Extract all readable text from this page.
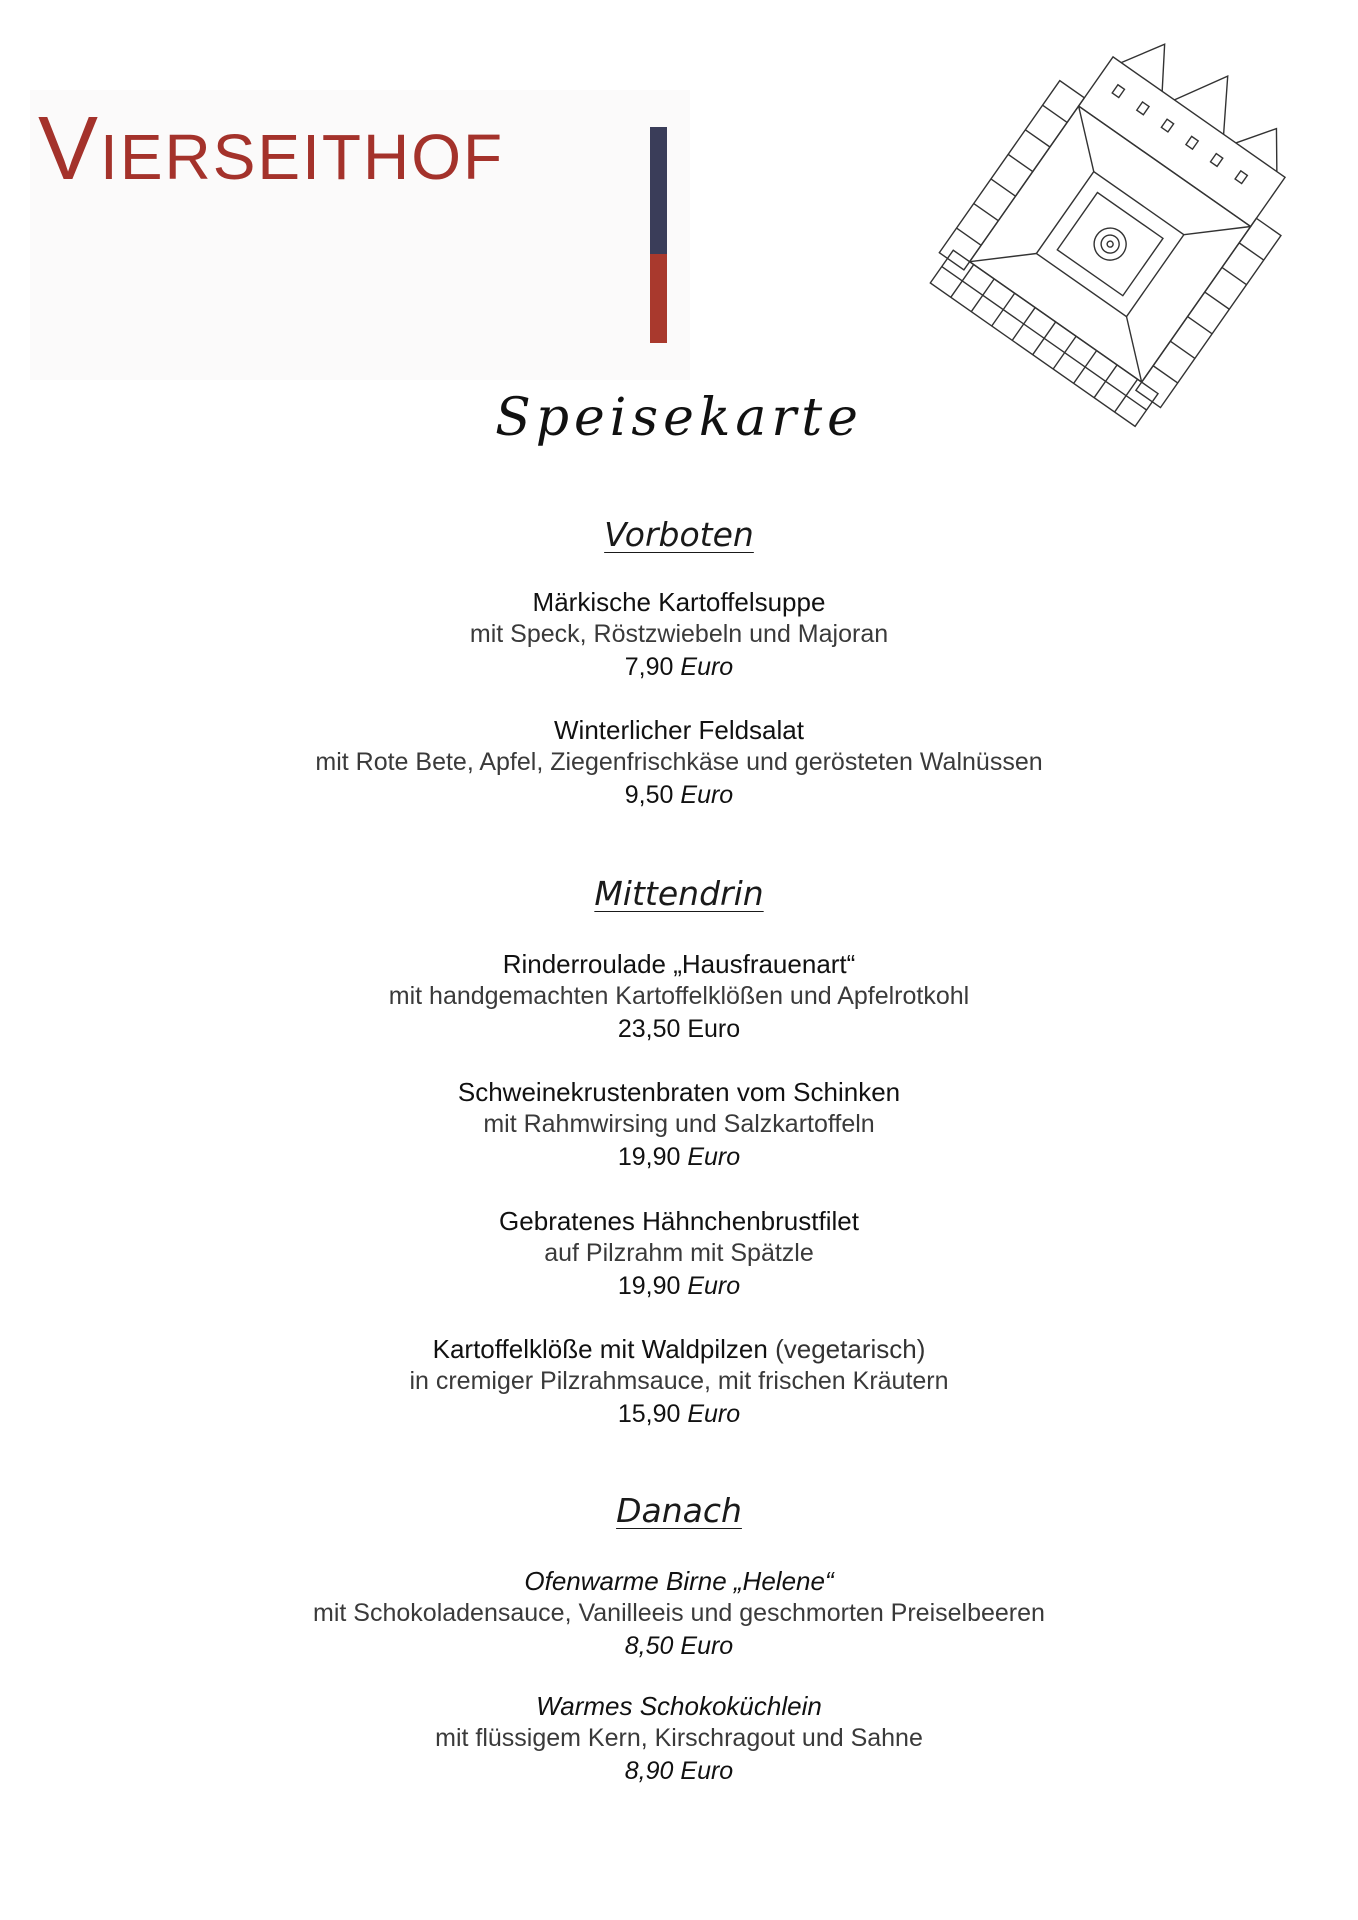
VIERSEITHOF
Speisekarte
Vorboten
Märkische Kartoffelsuppe
mit Speck, Röstzwiebeln und Majoran
7,90 Euro
Winterlicher Feldsalat
mit Rote Bete, Apfel, Ziegenfrischkäse und gerösteten Walnüssen
9,50 Euro
Mittendrin
Rinderroulade „Hausfrauenart“
mit handgemachten Kartoffelklößen und Apfelrotkohl
23,50 Euro
Schweinekrustenbraten vom Schinken
mit Rahmwirsing und Salzkartoffeln
19,90 Euro
Gebratenes Hähnchenbrustfilet
auf Pilzrahm mit Spätzle
19,90 Euro
Kartoffelklöße mit Waldpilzen (vegetarisch)
in cremiger Pilzrahmsauce, mit frischen Kräutern
15,90 Euro
Danach
Ofenwarme Birne „Helene“
mit Schokoladensauce, Vanilleeis und geschmorten Preiselbeeren
8,50 Euro
Warmes Schokoküchlein
mit flüssigem Kern, Kirschragout und Sahne
8,90 Euro
